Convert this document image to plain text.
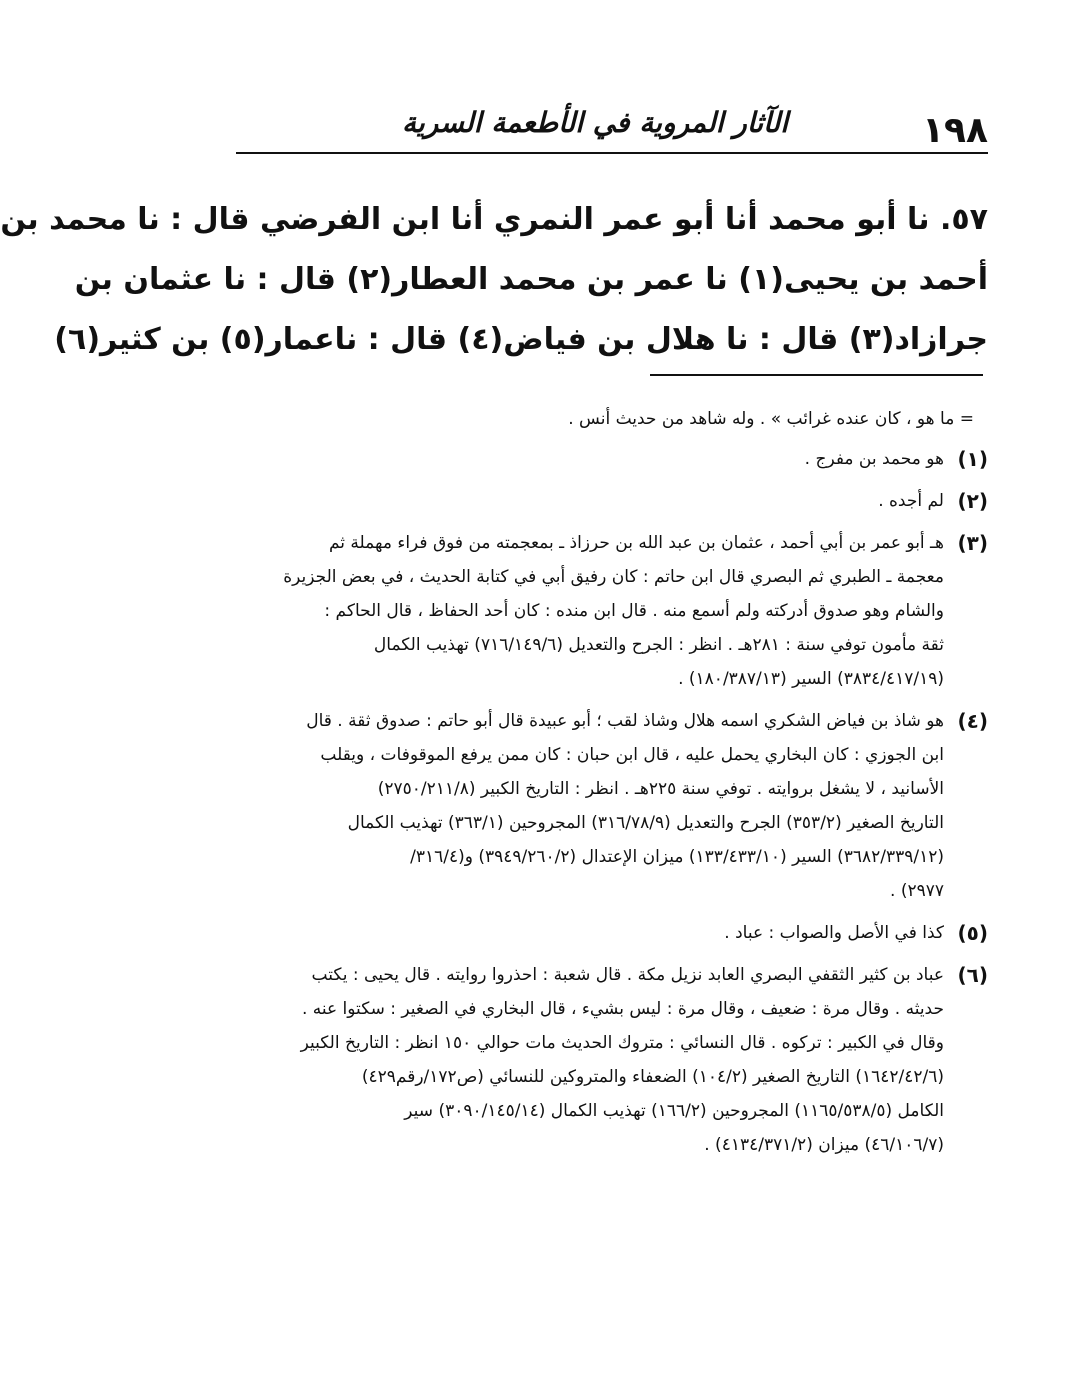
١٩٨
الآثار المروية في الأطعمة السرية
٥٧. نا أبو محمد أنا أبو عمر النمري أنا ابن الفرضي قال : نا محمد بن
أحمد بن يحيى(١) نا عمر بن محمد العطار(٢) قال : نا عثمان بن
جرازاد(٣) قال : نا هلال بن فياض(٤) قال : ناعمار(٥) بن كثير(٦)
= ما هو ، كان عنده غرائب » . وله شاهد من حديث أنس .
(١)
هو محمد بن مفرج .
(٢)
لم أجده .
(٣)
هـ أبو عمر بن أبي أحمد ، عثمان بن عبد الله بن حرزاذ ـ بمعجمته من فوق فراء مهملة ثم
معجمة ـ الطبري ثم البصري قال ابن حاتم : كان رفيق أبي في كتابة الحديث ، في بعض الجزيرة
والشام وهو صدوق أدركته ولم أسمع منه . قال ابن منده : كان أحد الحفاظ ، قال الحاكم :
ثقة مأمون توفي سنة : ٢٨١هـ . انظر : الجرح والتعديل (٧١٦/١٤٩/٦) تهذيب الكمال
(٣٨٣٤/٤١٧/١٩) السير (١٨٠/٣٨٧/١٣) .
(٤)
هو شاذ بن فياض الشكري اسمه هلال وشاذ لقب ؛ أبو عبيدة قال أبو حاتم : صدوق ثقة . قال
ابن الجوزي : كان البخاري يحمل عليه ، قال ابن حبان : كان ممن يرفع الموقوفات ، ويقلب
الأسانيد ، لا يشغل بروايته . توفي سنة ٢٢٥هـ . انظر : التاريخ الكبير (٢٧٥٠/٢١١/٨)
التاريخ الصغير (٣٥٣/٢) الجرح والتعديل (٣١٦/٧٨/٩) المجروحين (٣٦٣/١) تهذيب الكمال
(٣٦٨٢/٣٣٩/١٢) السير (١٣٣/٤٣٣/١٠) ميزان الإعتدال (٣٩٤٩/٢٦٠/٢) و(٣١٦/٤/
٢٩٧٧) .
(٥)
كذا في الأصل والصواب : عباد .
(٦)
عباد بن كثير الثقفي البصري العابد نزيل مكة . قال شعبة : احذروا روايته . قال يحيى : يكتب
حديثه . وقال مرة : ضعيف ، وقال مرة : ليس بشيء ، قال البخاري في الصغير : سكتوا عنه .
وقال في الكبير : تركوه . قال النسائي : متروك الحديث مات حوالي ١٥٠ انظر : التاريخ الكبير
(١٦٤٢/٤٢/٦) التاريخ الصغير (١٠٤/٢) الضعفاء والمتروكين للنسائي (ص١٧٢/رقم٤٢٩)
الكامل (١١٦٥/٥٣٨/٥) المجروحين (١٦٦/٢) تهذيب الكمال (٣٠٩٠/١٤٥/١٤) سير
(٤٦/١٠٦/٧) ميزان (٤١٣٤/٣٧١/٢) .
